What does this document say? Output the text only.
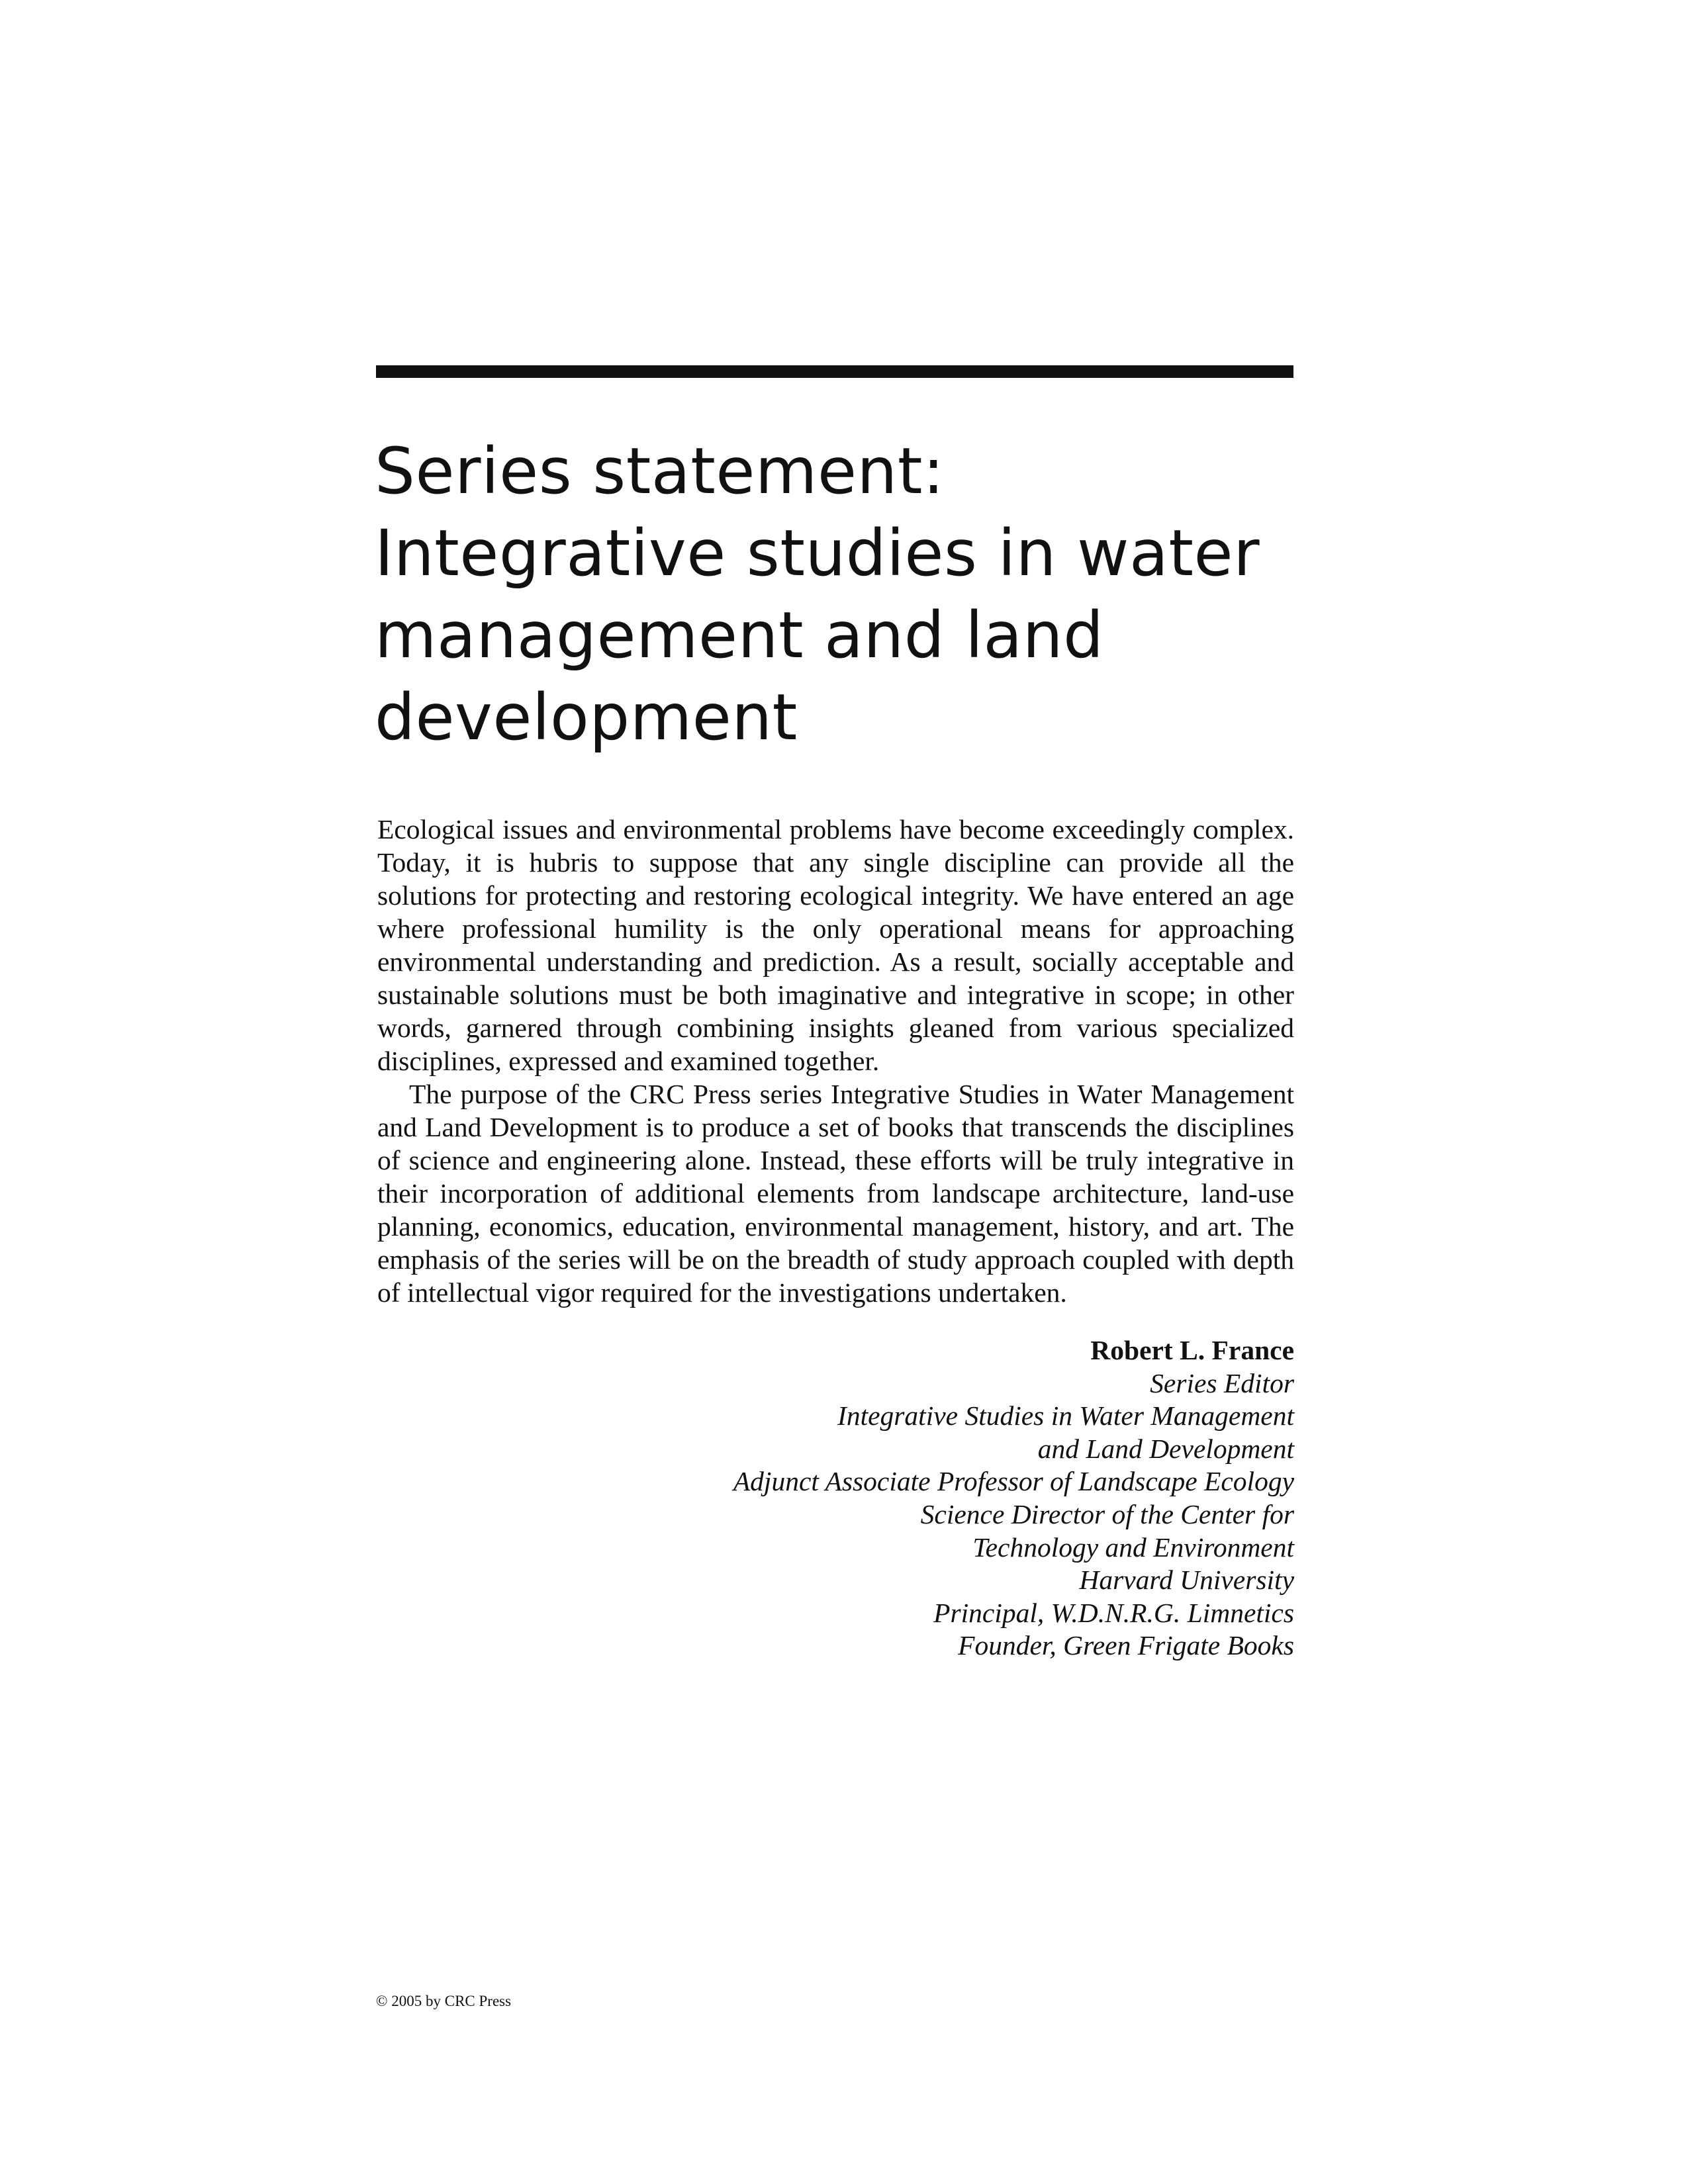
Series statement:
Integrative studies in water
management and land
development

Ecological issues and environmental problems have become exceedingly complex. Today, it is hubris to suppose that any single discipline can provide all the solutions for protecting and restoring ecological integrity. We have entered an age where professional humility is the only operational means for approaching environmental understanding and prediction. As a result, socially acceptable and sustainable solutions must be both imaginative and integrative in scope; in other words, garnered through combining insights gleaned from various specialized disciplines, expressed and examined together.

The purpose of the CRC Press series Integrative Studies in Water Management and Land Development is to produce a set of books that transcends the disciplines of science and engineering alone. Instead, these efforts will be truly integrative in their incorporation of additional elements from landscape architecture, land-use planning, economics, education, environmental management, history, and art. The emphasis of the series will be on the breadth of study approach coupled with depth of intellectual vigor required for the investigations undertaken.

Robert L. France
Series Editor
Integrative Studies in Water Management
and Land Development
Adjunct Associate Professor of Landscape Ecology
Science Director of the Center for
Technology and Environment
Harvard University
Principal, W.D.N.R.G. Limnetics
Founder, Green Frigate Books
© 2005 by CRC Press
